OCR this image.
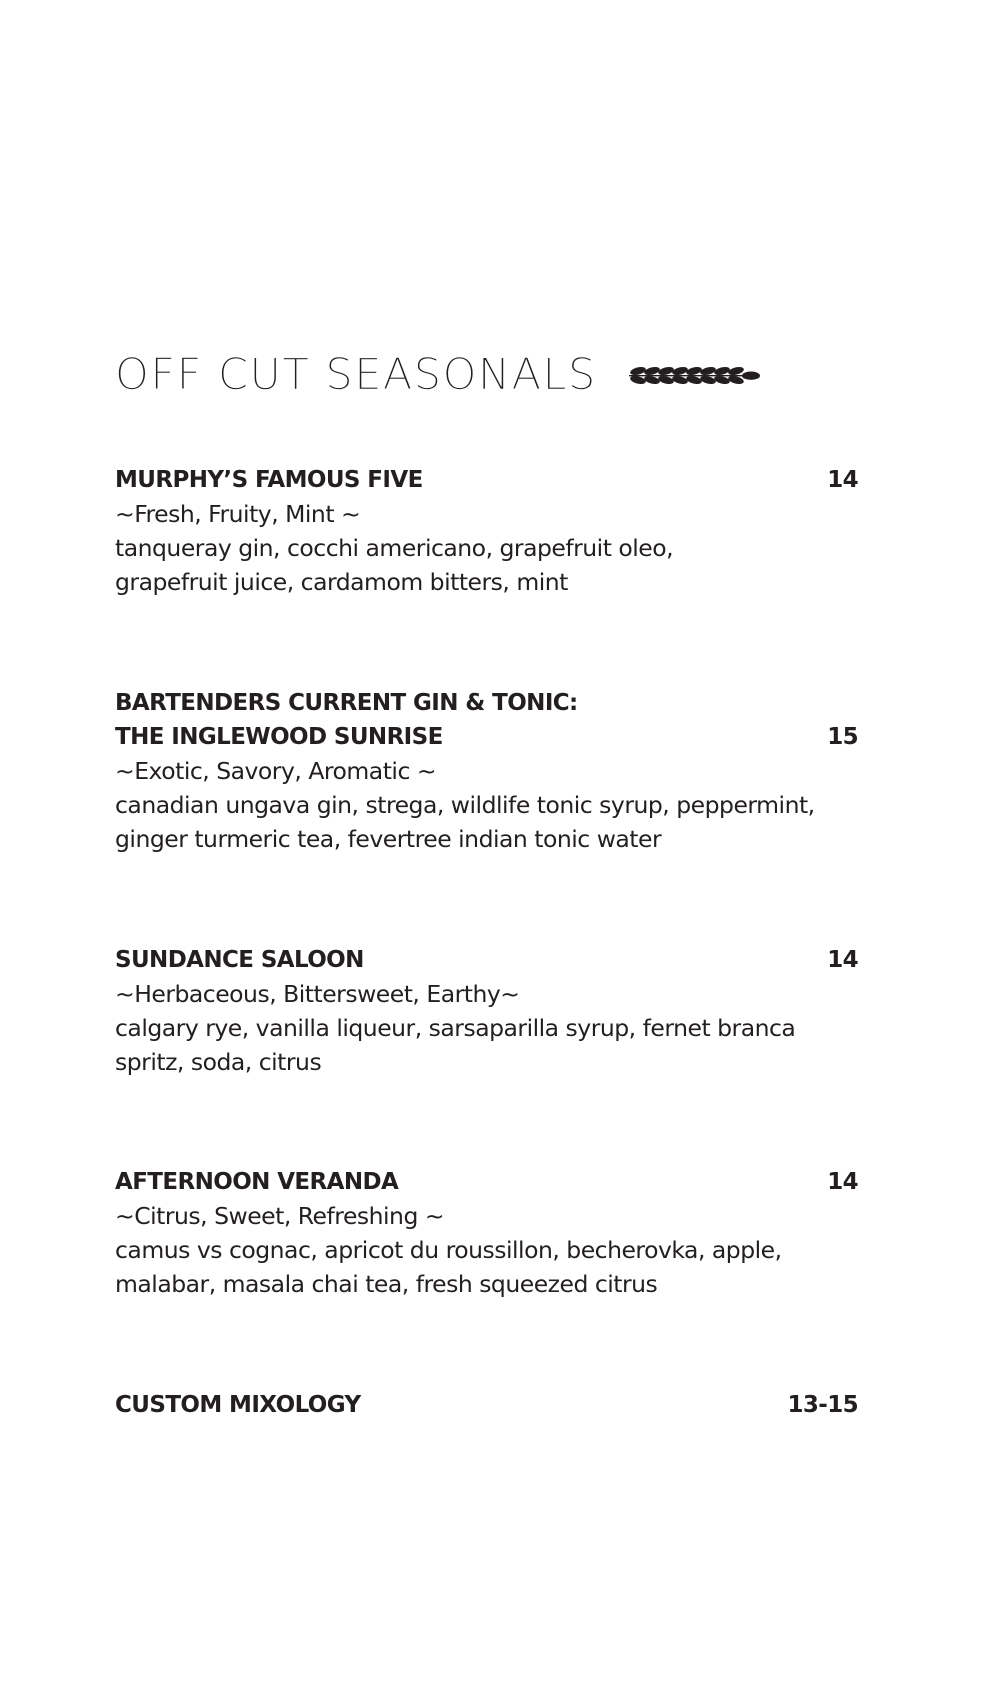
OFF CUT SEASONALS
MURPHY’S FAMOUS FIVE	14
~Fresh, Fruity, Mint ~
tanqueray gin, cocchi americano, grapefruit oleo,
grapefruit juice, cardamom bitters, mint
BARTENDERS CURRENT GIN & TONIC:
THE INGLEWOOD SUNRISE	15
~Exotic, Savory, Aromatic ~
canadian ungava gin, strega, wildlife tonic syrup, peppermint,
ginger turmeric tea, fevertree indian tonic water
SUNDANCE SALOON	14
~Herbaceous, Bittersweet, Earthy~
calgary rye, vanilla liqueur, sarsaparilla syrup, fernet branca
spritz, soda, citrus
AFTERNOON VERANDA	14
~Citrus, Sweet, Refreshing ~
camus vs cognac, apricot du roussillon, becherovka, apple,
malabar, masala chai tea, fresh squeezed citrus
CUSTOM MIXOLOGY	13-15
